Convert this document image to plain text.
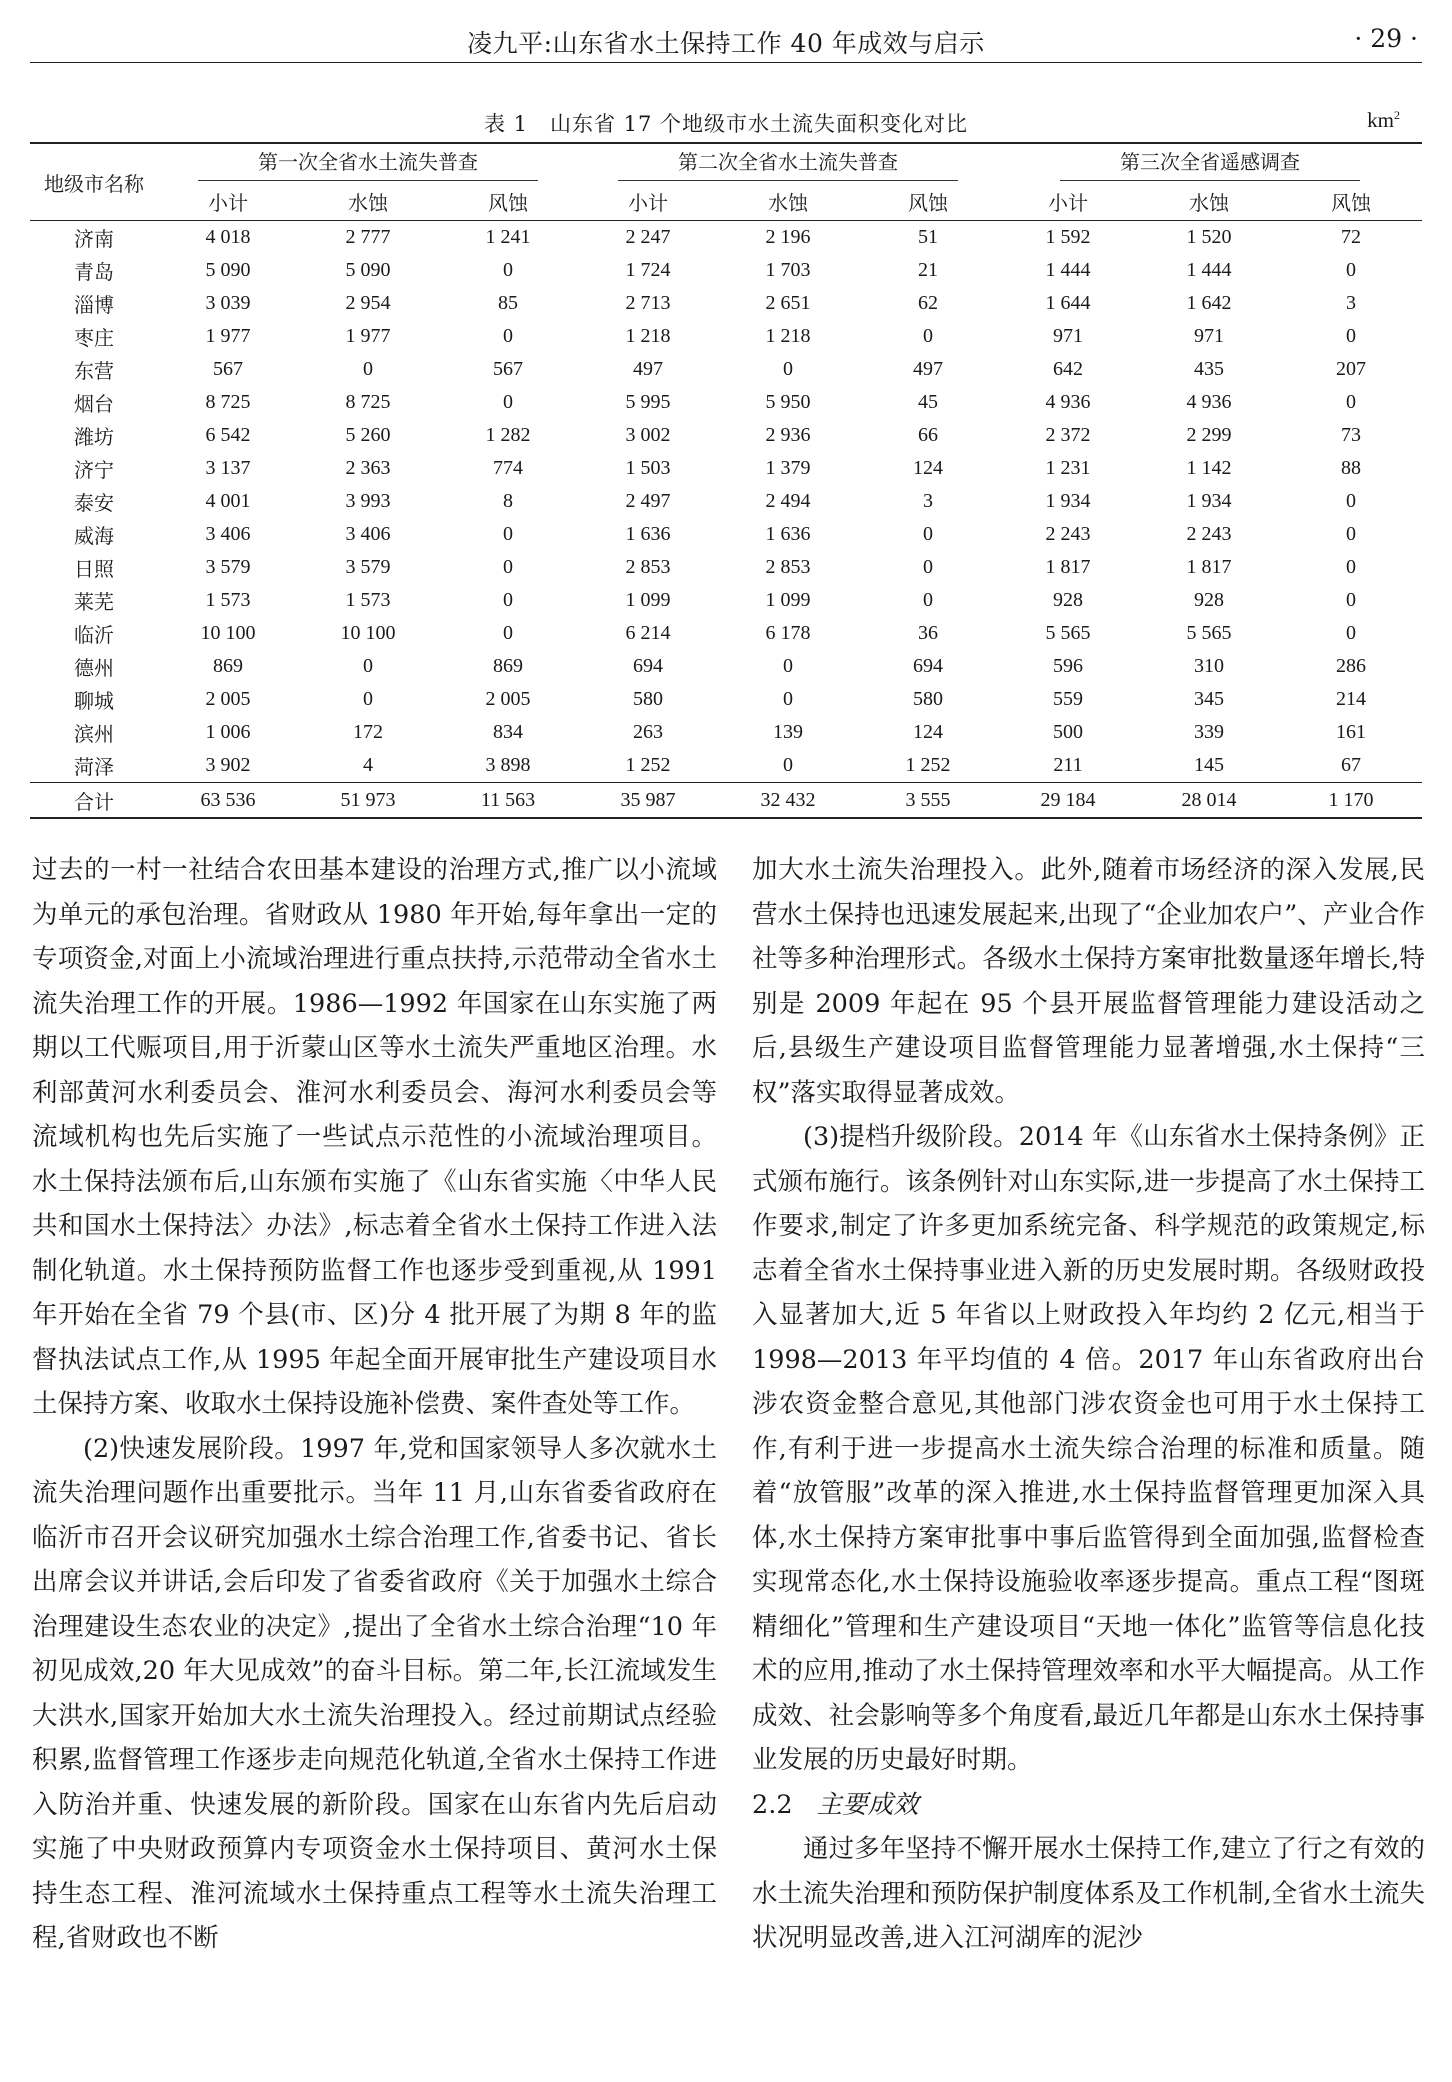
凌九平:山东省水土保持工作 40 年成效与启示	· 29 ·
表 1　山东省 17 个地级市水土流失面积变化对比	$km^2$
地级市名称	第一次全省水土流失普查			第二次全省水土流失普查			第三次全省遥感调查		
	小计	水蚀	风蚀	小计	水蚀	风蚀	小计	水蚀	风蚀
济南	4 018	2 777	1 241	2 247	2 196	51	1 592	1 520	72
青岛	5 090	5 090	0	1 724	1 703	21	1 444	1 444	0
淄博	3 039	2 954	85	2 713	2 651	62	1 644	1 642	3
枣庄	1 977	1 977	0	1 218	1 218	0	971	971	0
东营	567	0	567	497	0	497	642	435	207
烟台	8 725	8 725	0	5 995	5 950	45	4 936	4 936	0
潍坊	6 542	5 260	1 282	3 002	2 936	66	2 372	2 299	73
济宁	3 137	2 363	774	1 503	1 379	124	1 231	1 142	88
泰安	4 001	3 993	8	2 497	2 494	3	1 934	1 934	0
威海	3 406	3 406	0	1 636	1 636	0	2 243	2 243	0
日照	3 579	3 579	0	2 853	2 853	0	1 817	1 817	0
莱芜	1 573	1 573	0	1 099	1 099	0	928	928	0
临沂	10 100	10 100	0	6 214	6 178	36	5 565	5 565	0
德州	869	0	869	694	0	694	596	310	286
聊城	2 005	0	2 005	580	0	580	559	345	214
滨州	1 006	172	834	263	139	124	500	339	161
菏泽	3 902	4	3 898	1 252	0	1 252	211	145	67
合计	63 536	51 973	11 563	35 987	32 432	3 555	29 184	28 014	1 170

过去的一村一社结合农田基本建设的治理方式,推广以小流域为单元的承包治理。省财政从 1980 年开始,每年拿出一定的专项资金,对面上小流域治理进行重点扶持,示范带动全省水土流失治理工作的开展。1986—1992 年国家在山东实施了两期以工代赈项目,用于沂蒙山区等水土流失严重地区治理。水利部黄河水利委员会、淮河水利委员会、海河水利委员会等流域机构也先后实施了一些试点示范性的小流域治理项目。水土保持法颁布后,山东颁布实施了《山东省实施〈中华人民共和国水土保持法〉办法》,标志着全省水土保持工作进入法制化轨道。水土保持预防监督工作也逐步受到重视,从 1991 年开始在全省 79 个县(市、区)分 4 批开展了为期 8 年的监督执法试点工作,从 1995 年起全面开展审批生产建设项目水土保持方案、收取水土保持设施补偿费、案件查处等工作。

(2)快速发展阶段。1997 年,党和国家领导人多次就水土流失治理问题作出重要批示。当年 11 月,山东省委省政府在临沂市召开会议研究加强水土综合治理工作,省委书记、省长出席会议并讲话,会后印发了省委省政府《关于加强水土综合治理建设生态农业的决定》,提出了全省水土综合治理“10 年初见成效,20 年大见成效”的奋斗目标。第二年,长江流域发生大洪水,国家开始加大水土流失治理投入。经过前期试点经验积累,监督管理工作逐步走向规范化轨道,全省水土保持工作进入防治并重、快速发展的新阶段。国家在山东省内先后启动实施了中央财政预算内专项资金水土保持项目、黄河水土保持生态工程、淮河流域水土保持重点工程等水土流失治理工程,省财政也不断

加大水土流失治理投入。此外,随着市场经济的深入发展,民营水土保持也迅速发展起来,出现了“企业加农户”、产业合作社等多种治理形式。各级水土保持方案审批数量逐年增长,特别是 2009 年起在 95 个县开展监督管理能力建设活动之后,县级生产建设项目监督管理能力显著增强,水土保持“三权”落实取得显著成效。

(3)提档升级阶段。2014 年《山东省水土保持条例》正式颁布施行。该条例针对山东实际,进一步提高了水土保持工作要求,制定了许多更加系统完备、科学规范的政策规定,标志着全省水土保持事业进入新的历史发展时期。各级财政投入显著加大,近 5 年省以上财政投入年均约 2 亿元,相当于 1998—2013 年平均值的 4 倍。2017 年山东省政府出台涉农资金整合意见,其他部门涉农资金也可用于水土保持工作,有利于进一步提高水土流失综合治理的标准和质量。随着“放管服”改革的深入推进,水土保持监督管理更加深入具体,水土保持方案审批事中事后监管得到全面加强,监督检查实现常态化,水土保持设施验收率逐步提高。重点工程“图斑精细化”管理和生产建设项目“天地一体化”监管等信息化技术的应用,推动了水土保持管理效率和水平大幅提高。从工作成效、社会影响等多个角度看,最近几年都是山东水土保持事业发展的历史最好时期。

2.2 主要成效

通过多年坚持不懈开展水土保持工作,建立了行之有效的水土流失治理和预防保护制度体系及工作机制,全省水土流失状况明显改善,进入江河湖库的泥沙
